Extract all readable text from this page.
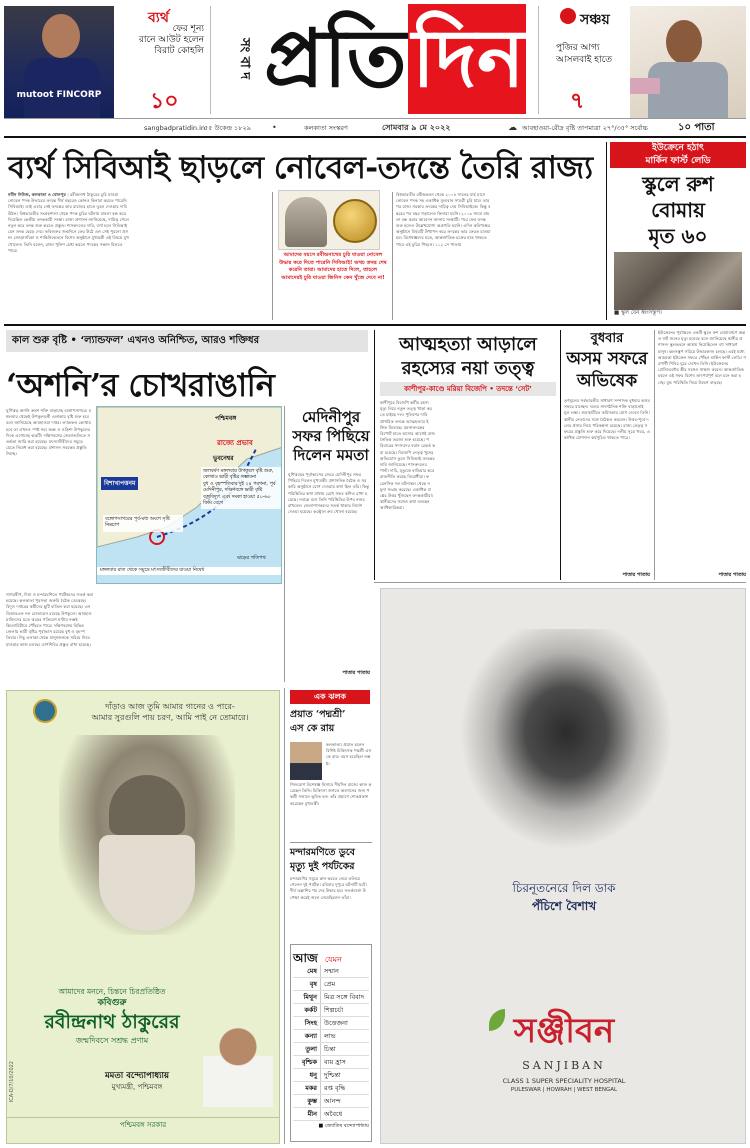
mutoot FINCORP
ব্যর্থ
ফের শূন্য
রানে আউট হলেন
বিরাট কোহলি
১০
সং বা দ প্রতি দিন	সঞ্চয়
পুজির আগ্য
আসলবাই হাতে
৭
sangbadpratidin.in
৫৫ উকেন্দ্র ১৮২৯	•	কলকাতা সংস্করণ	সোমবার ৯ মে ২০২২	☁ আবহাওয়া-রৌদ্র বৃষ্টি তাপমাত্রা ২৭°/৩৫° সর্বোচ্চ	১০ পাতা
ব্যর্থ সিবিআই ছাড়লে নোবেল-তদন্তে তৈরি রাজ্য
নবীন নিউজ, কলকাতা ও বোলপুর । রবীন্দ্রনাথ ঠাকুরের চুরি যাওয়া নোবেল পদক উদ্ধারের তদন্তে দীর্ঘ বছরেও কোনও কিনারা করতে পারেনি সিবিআই। তাই এবার সেই তদন্তের ভার রাজ্যের হাতে তুলে দেওয়ার দাবি উঠল। বিশ্বভারতীর সংগ্রহশালা থেকে পদক চুরির ঘটনায় মামলা বন্ধ করে দিয়েছিল কেন্দ্রীয় তদন্তকারী সংস্থা। রাজ্য প্রশাসন জানিয়েছে, দায়িত্ব পেলে নতুন করে তদন্ত শুরু করতে প্রস্তুত। শাসকদলের দাবি, ব্যর্থ হলে সিবিআই যেন তদন্ত ছেড়ে দেয়। কবিগুরুর জন্মদিনে ফের উঠে এল সেই পুরনো প্রসঙ্গ। জোড়াসাঁকো ও শান্তিনিকেতনে বিশেষ অনুষ্ঠানে মুখ্যমন্ত্রী এই বিষয়ে মুখ খোলেন। তিনি বলেন, রাজ্য পুলিশ চেষ্টা করলে পদকের সন্ধান মিলতে পারে।
আমাদের বয়সে রবীন্দ্রনাথের চুরি যাওয়া নোবেল উদ্ধার করে দিতে পারেনি সিবিআই! অথচ তদন্ত শেষ করেনি তারা। আমাদের হাতে দিলে, তাহলে আমাদেরই চুরি যাওয়া জিনিস কেন খুঁজে দেবে না!
বিশ্বভারতীর রবীন্দ্রভবন থেকে ২০০৪ সালের মার্চ মাসে নোবেল পদক সহ একাধিক মূল্যবান সামগ্রী চুরি যায়। তারপর রাজ্য সরকার তদন্তের দায়িত্ব দেয় সিবিআইকে। কিন্তু বছরের পর বছর গড়ালেও কিনারা হয়নি। ২০০৯ সালে মামলা বন্ধ করার আবেদন জানায় সংস্থাটি। পরে ফের তদন্ত শুরু হলেও উল্লেখযোগ্য অগ্রগতি হয়নি। এদিন কবিপক্ষের অনুষ্ঠানে বিষয়টি উত্থাপন করে তদন্তের ভার ফেরত চাওয়া হয়। বিশেষজ্ঞদের মতে, আন্তর্জাতিক চক্রের হাত থাকতে পারে এই চুরির পিছনে। ১১২ সে পাতায়
ইউক্রেনে হঠাৎ
মার্কিন ফার্স্ট লেডি
স্কুলে রুশ
বোমায়
মৃত ৬০
■ স্কুল যেন ধ্বংসস্তূপ।
কাল শুরু বৃষ্টি • ‘ল্যান্ডফল’ এখনও অনিশ্চিত, আরও শক্তিধর
‘অশনি’র চোখরাঙানি
ঘূর্ণিঝড় অশনি ক্রমশ শক্তি বাড়াচ্ছে বঙ্গোপসাগরে। মঙ্গলবার থেকেই উপকূলবর্তী এলাকায় বৃষ্টি শুরু হবে বলে জানিয়েছে আবহাওয়া দপ্তর। ল্যান্ডফল কোথায় হবে তা এখনও স্পষ্ট নয়। অন্ধ্র ও ওড়িশা উপকূলের দিকে এগোচ্ছে ঝড়টি। দক্ষিণবঙ্গের জেলাগুলিতে সতর্কতা জারি করা হয়েছে। মৎস্যজীবীদের সমুদ্রে যেতে নিষেধ করা হয়েছে। প্রশাসন সবরকম প্রস্তুতি নিচ্ছে।
পশ্চিমবঙ্গ
ভুবনেশ্বর
বিশাখাপত্তনম
রাজ্যে প্রভাব
জলবর্ষণ মঙ্গলবার উপকূলে বৃষ্টি শুরু, কোথাও ভারী বৃষ্টির সম্ভাবনা
বুধ ও বৃহস্পতিবার দুই ২৪ পরগনা, পূর্ব মেদিনীপুর, দক্ষিণবঙ্গে ভারী বৃষ্টি
বজ্রবিদ্যুৎ এবং দমকা হাওয়া ৫০-৬০ কিমি বেগে
বঙ্গোপসাগরের পূর্ব-মধ্য অংশে সৃষ্টি নিম্নচাপ
মঙ্গলবার রাত থেকে সমুদ্রে মৎস্যজীবীদের যাওয়া নিষেধ
ঝড়ের গতিপথ
সাগরদ্বীপ, দিঘা ও মন্দারমণিতে পর্যটকদের সতর্ক করা হয়েছে। কলকাতা পুরসভা জরুরি বৈঠক ডেকেছে। বিদ্যুৎ দপ্তরের কর্মীদের ছুটি বাতিল করা হয়েছে। এনডিআরএফ দল মোতায়েন রয়েছে উপকূলে। আবহাওয়াবিদদের মতে ঝড়ের গতিবেগ ঘণ্টায় নব্বই কিলোমিটারে পৌঁছতে পারে। দক্ষিণবঙ্গের বিভিন্ন জেলায় ভারী বৃষ্টির পূর্বাভাস রয়েছে বুধ ও বৃহস্পতিবার। নিচু এলাকা থেকে মানুষজনকে সরিয়ে নিয়ে যাওয়ার কাজ চলছে। ত্রাণশিবির প্রস্তুত রাখা হয়েছে।
মেদিনীপুর
সফর পিছিয়ে
দিলেন মমতা
ঘূর্ণিঝড়ের পূর্বাভাসের জেরে মেদিনীপুর সফর পিছিয়ে দিলেন মুখ্যমন্ত্রী। প্রশাসনিক বৈঠক ও সরকারি অনুষ্ঠানে যোগ দেওয়ার কথা ছিল তাঁর। কিন্তু পরিস্থিতির কথা মাথায় রেখে সফর স্থগিত রাখা হয়েছে। নবান্নে বসে তিনি পরিস্থিতির উপর নজর রাখবেন। জেলাশাসকদের সতর্ক থাকার নির্দেশ দেওয়া হয়েছে। কন্ট্রোল রুম খোলা হয়েছে।
পাতার পাতায়
আত্মহত্যা আড়ালে
রহস্যের নয়া তত্ত্ব
কাশীপুর-কাণ্ডে মরিয়া বিজেপি • তদন্তে ‘সেট’
কাশীপুরে বিজেপি কর্মীর রহস্যমৃত্যু নিয়ে নতুন তত্ত্ব খাড়া করতে চাইছে দল। পুলিশের দাবি প্রাথমিক তদন্তে আত্মহত্যার ইঙ্গিত মিলেছে। ময়নাতদন্তের রিপোর্ট হাতে আসার আগেই রাজনৈতিক তরজা শুরু হয়েছে। পরিবারের সদস্যদের বয়ান রেকর্ড করা হয়েছে। বিজেপি নেতৃত্ব খুনের অভিযোগ তুলে সিবিআই তদন্তের দাবি জানিয়েছে। শাসকদলের পাল্টা দাবি, মৃত্যুকে হাতিয়ার করে রাজনীতি করছে বিরোধীরা। ফরেনসিক দল ঘটনাস্থল থেকে নমুনা সংগ্রহ করেছে। একাধিক প্রশ্নের উত্তর খুঁজছেন তদন্তকারীরা। স্থানীয়দের সঙ্গেও কথা বলছেন আধিকারিকরা।
বুধবার
অসম সফরে
অভিষেক
তৃণমূলের সর্বভারতীয় সাধারণ সম্পাদক বুধবার অসম সফরে যাচ্ছেন। দলের সাংগঠনিক শক্তি বাড়ানোই মূল লক্ষ্য। গুয়াহাটিতে কর্মিসভায় যোগ দেবেন তিনি। স্থানীয় নেতাদের সঙ্গে বৈঠকও করবেন। উত্তর-পূর্বে দলের প্রসার নিয়ে পরিকল্পনা রয়েছে। রাজ্য নেতৃত্ব সফরের প্রস্তুতি শুরু করে দিয়েছে। দলীয় সূত্রে খবর, একাধিক যোগদান কর্মসূচিও থাকতে পারে।
পাতার পাতায়
ইউক্রেনের পূর্বাঞ্চলে একটি স্কুলে রুশ বোমাবর্ষণে অন্তত ষাট জনের মৃত্যু হয়েছে বলে জানিয়েছে স্থানীয় প্রশাসন। স্কুলভবনে আশ্রয় নিয়েছিলেন বহু সাধারণ মানুষ। ধ্বংসস্তূপ সরিয়ে উদ্ধারকাজ চলছে। এরই মধ্যে আচমকা ইউক্রেন সফরে পৌঁছন মার্কিন ফার্স্ট লেডি। শরণার্থী শিবির ঘুরে দেখেন তিনি। ইউক্রেনের প্রেসিডেন্টের স্ত্রীর সঙ্গেও সাক্ষাৎ করেন। আন্তর্জাতিক মহলে এই সফর বিশেষ তাৎপর্যপূর্ণ বলে মনে করা হচ্ছে। যুদ্ধ পরিস্থিতি নিয়ে উদ্বেগ বাড়ছে।
পাতার পাতায়
দাঁড়াও আজ তুমি আমার গানের ও পারে-
আমার সুরগুলি পায় চরণ, আমি পাই নে তোমারে।
আমাদের মননে, চিন্তনে চিরপ্রতিষ্ঠিত
কবিগুরু
রবীন্দ্রনাথ ঠাকুরের
জন্মদিবসে সশ্রদ্ধ প্রণাম
মমতা বন্দ্যোপাধ্যায়
মুখ্যমন্ত্রী, পশ্চিমবঙ্গ
পশ্চিমবঙ্গ সরকার
ICA-D/7/10/2022
এক ঝলক
প্রয়াত ‘পদ্মশ্রী’
এস কে রায়
কলকাতা। প্রয়াত হলেন বিশিষ্ট চিকিৎসক পদ্মশ্রী এস কে রায়। বয়স হয়েছিল নব্বই।
শিশুরোগ বিশেষজ্ঞ হিসাবে দীর্ঘদিন রাজ্যে কাজ করেছেন তিনি। চিকিৎসা জগতে অবদানের জন্য পদ্মশ্রী সম্মানে ভূষিত হন। তাঁর প্রয়াণে শোকপ্রকাশ করেছেন মুখ্যমন্ত্রী।
মন্দারমণিতে ডুবে
মৃত্যু দুই পর্যটকের
মন্দারমণির সমুদ্রে স্নান করতে নেমে তলিয়ে গেলেন দুই পর্যটক। রবিবার দুপুরে ঘটনাটি ঘটে। দীর্ঘ তল্লাশির পর দেহ উদ্ধার হয়। সতর্কবার্তা উপেক্ষা করেই জলে নেমেছিলেন তাঁরা।
আজ যেমন
মেষ	সম্মান
বৃষ	প্রেম
মিথুন	মিত্র সঙ্গে বিবাদ
কর্কট	শিল্পচর্চা
সিংহ	উত্তেজনা
কন্যা	লাভ
তুলা	চিন্তা
বৃশ্চিক	ব্যয় হ্রাস
ধনু	দুশ্চিন্তা
মকর	রপ্ত বৃদ্ধি
কুম্ভ	আনন্দ
মীন	অবৈধে
■ জ্যোতিষ বন্দ্যোপাধ্যায়
চিরনূতনেরে দিল ডাক
পঁচিশে বৈশাখ
সঞ্জীবন
SANJIBAN
CLASS 1 SUPER SPECIALITY HOSPITAL
PULESWAR | HOWRAH | WEST BENGAL
